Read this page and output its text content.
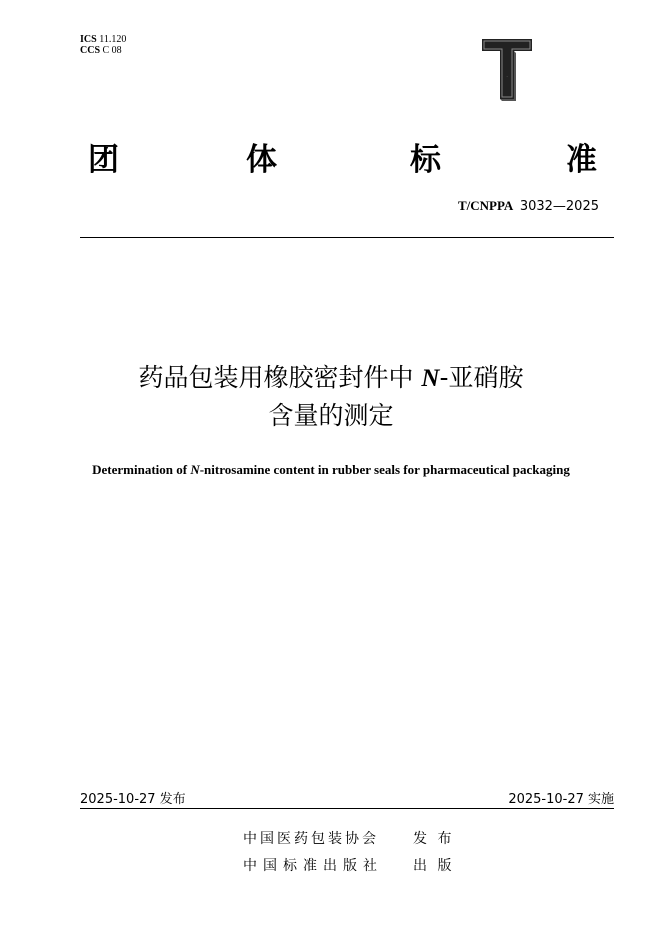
ICS 11.120
CCS C 08
T
团	体	标	准
T/CNPPA 3032—2025
药品包装用橡胶密封件中 N-亚硝胺
含量的测定
Determination of N-nitrosamine content in rubber seals for pharmaceutical packaging
2025-10-27 发布	2025-10-27 实施
中国医药包装协会 发 布
中国标准出版社 出 版
